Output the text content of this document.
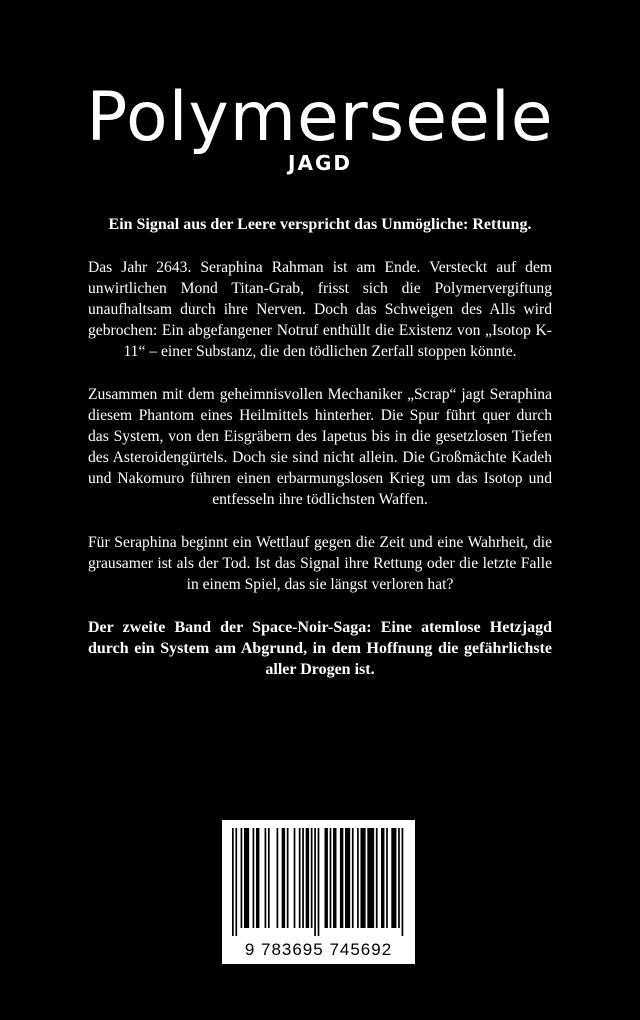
Polymerseele
JAGD

Ein Signal aus der Leere verspricht das Unmögliche: Rettung.

Das Jahr 2643. Seraphina Rahman ist am Ende. Versteckt auf dem unwirtlichen Mond Titan-Grab, frisst sich die Polymervergiftung unaufhaltsam durch ihre Nerven. Doch das Schweigen des Alls wird gebrochen: Ein abgefangener Notruf enthüllt die Existenz von „Isotop K-11“ – einer Substanz, die den tödlichen Zerfall stoppen könnte.

Zusammen mit dem geheimnisvollen Mechaniker „Scrap“ jagt Seraphina diesem Phantom eines Heilmittels hinterher. Die Spur führt quer durch das System, von den Eisgräbern des Iapetus bis in die gesetzlosen Tiefen des Asteroidengürtels. Doch sie sind nicht allein. Die Großmächte Kadeh und Nakomuro führen einen erbarmungslosen Krieg um das Isotop und entfesseln ihre tödlichsten Waffen.

Für Seraphina beginnt ein Wettlauf gegen die Zeit und eine Wahrheit, die grausamer ist als der Tod. Ist das Signal ihre Rettung oder die letzte Falle in einem Spiel, das sie längst verloren hat?

Der zweite Band der Space-Noir-Saga: Eine atemlose Hetzjagd durch ein System am Abgrund, in dem Hoffnung die gefährlichste aller Drogen ist.

9 783695 745692
